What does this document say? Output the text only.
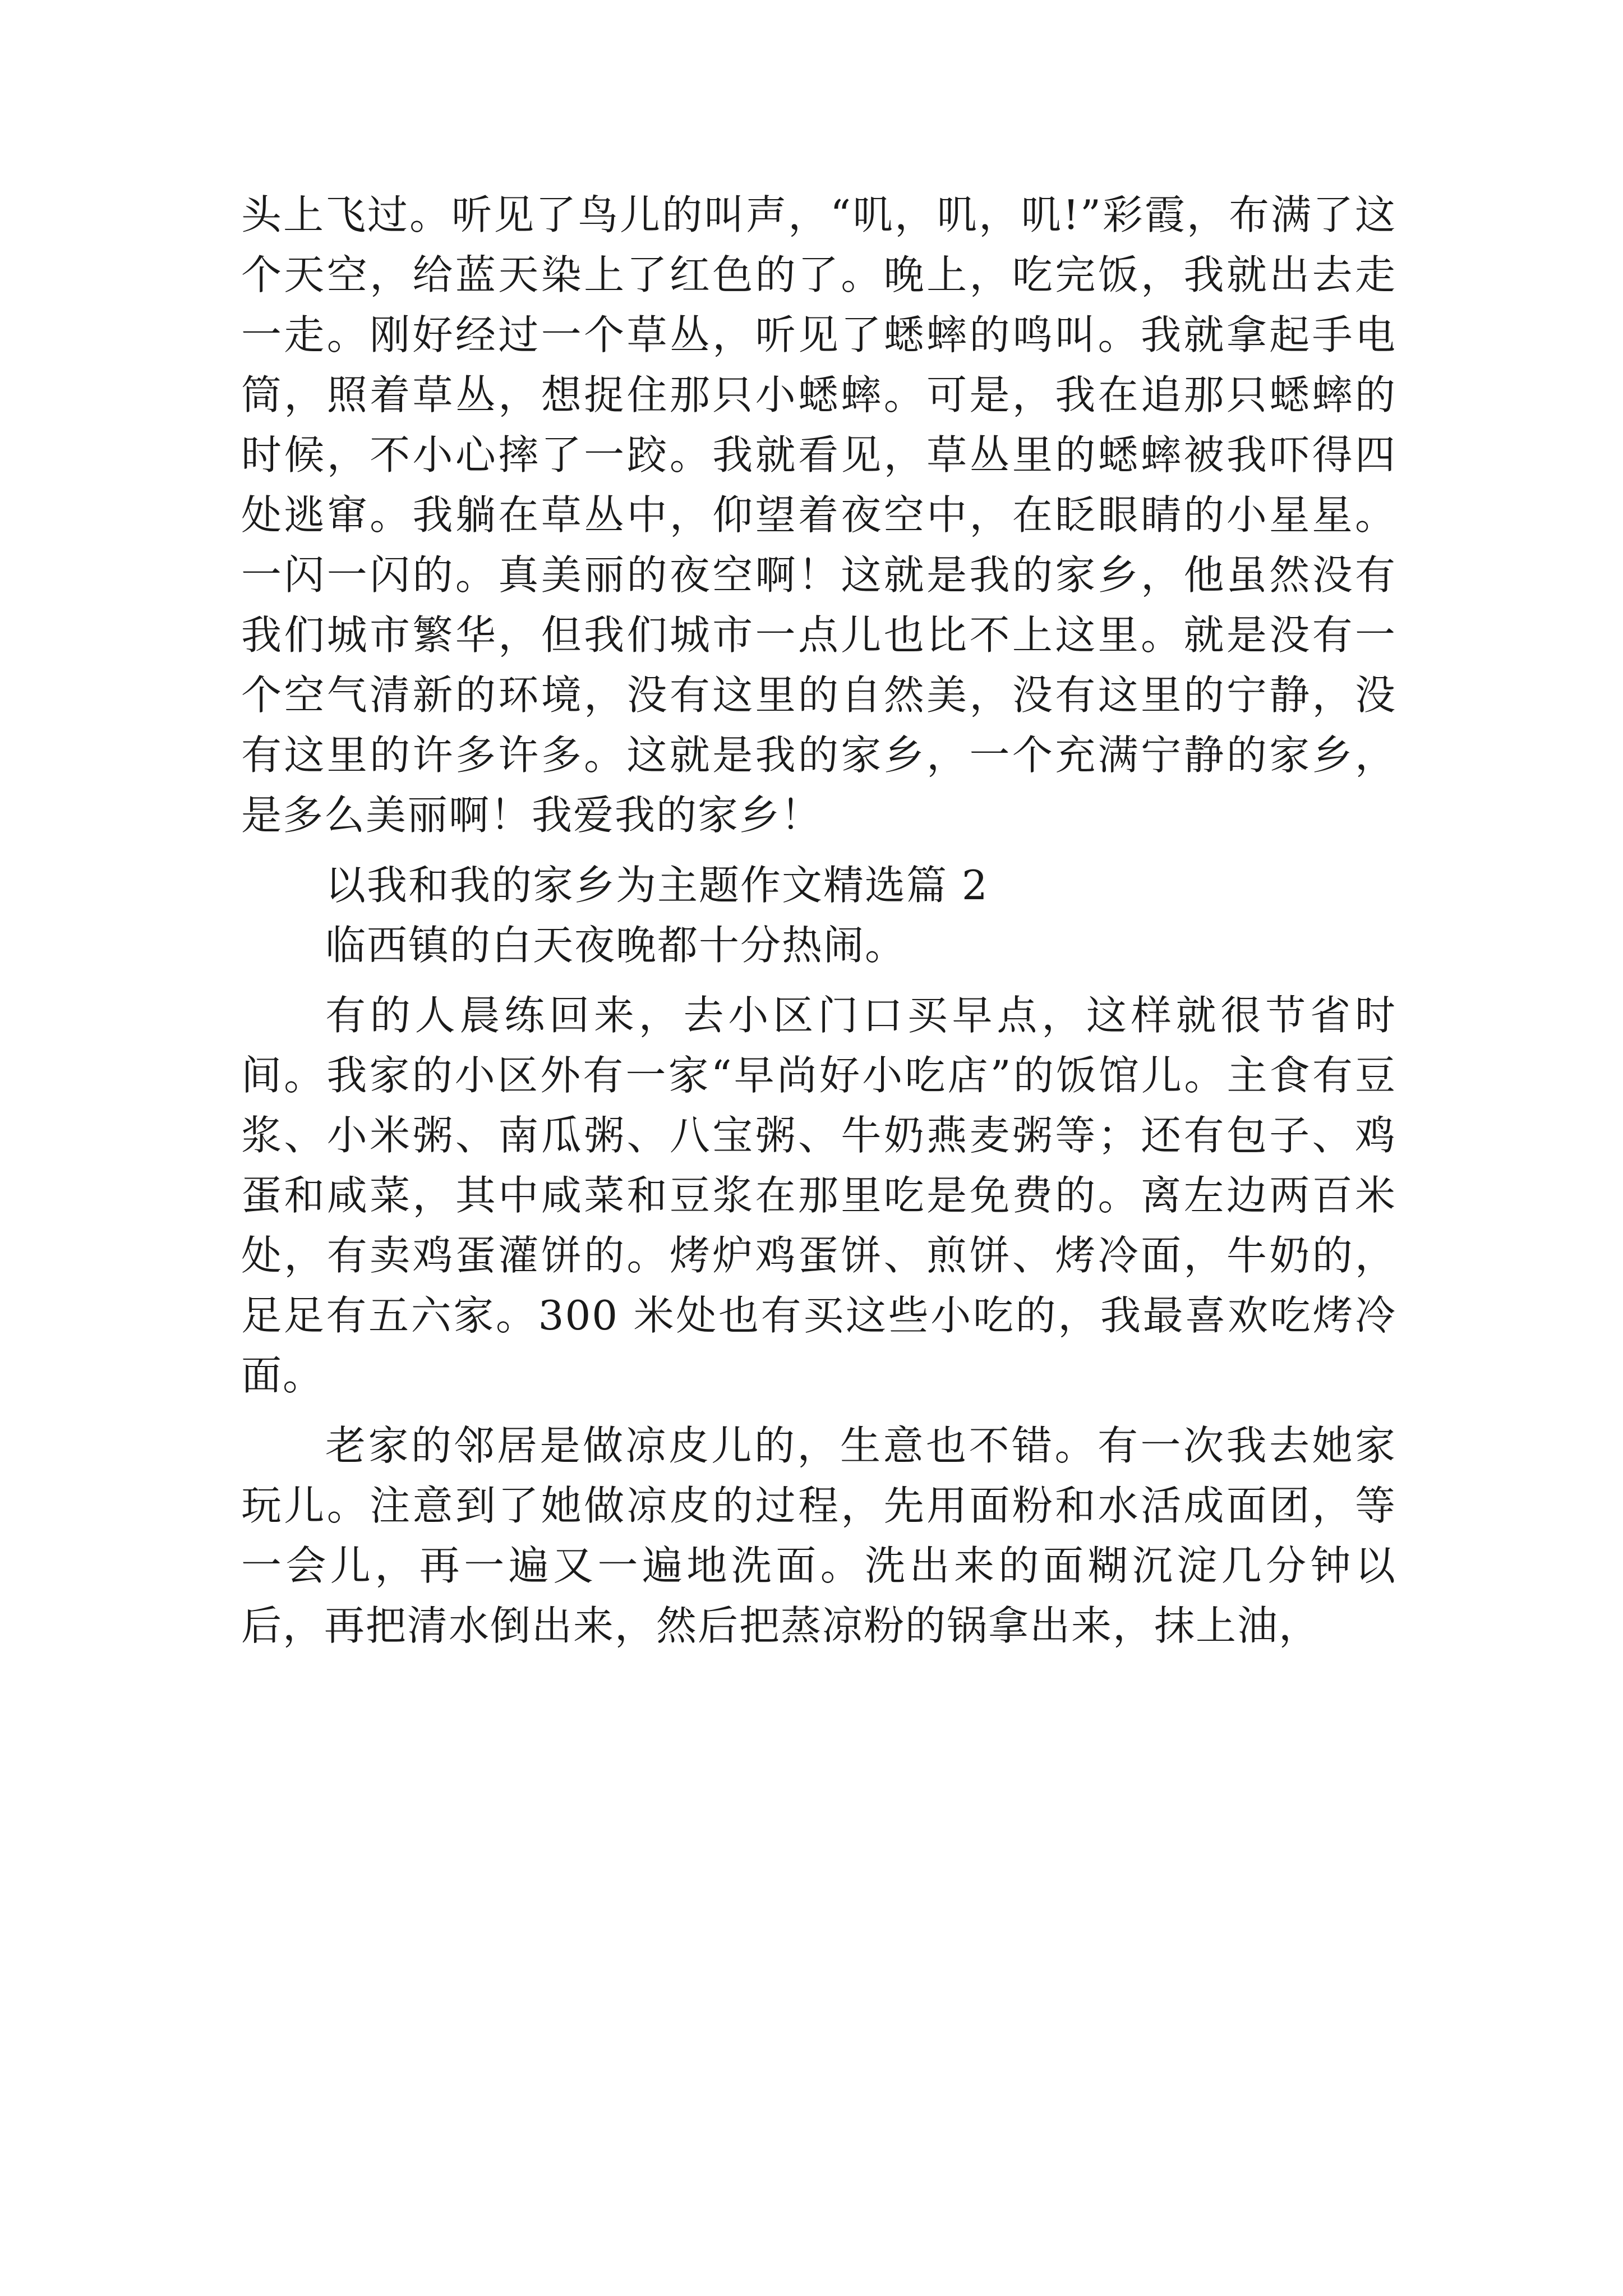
头上飞过。听见了鸟儿的叫声，“叽，叽，叽!”彩霞，布满了这个天空，给蓝天染上了红色的了。晚上，吃完饭，我就出去走一走。刚好经过一个草丛，听见了蟋蟀的鸣叫。我就拿起手电筒，照着草丛，想捉住那只小蟋蟀。可是，我在追那只蟋蟀的时候，不小心摔了一跤。我就看见，草丛里的蟋蟀被我吓得四处逃窜。我躺在草丛中，仰望着夜空中，在眨眼睛的小星星。一闪一闪的。真美丽的夜空啊！这就是我的家乡，他虽然没有我们城市繁华，但我们城市一点儿也比不上这里。就是没有一个空气清新的环境，没有这里的自然美，没有这里的宁静，没有这里的许多许多。这就是我的家乡，一个充满宁静的家乡，是多么美丽啊！我爱我的家乡！

以我和我的家乡为主题作文精选篇 2

临西镇的白天夜晚都十分热闹。

有的人晨练回来，去小区门口买早点，这样就很节省时间。我家的小区外有一家“早尚好小吃店”的饭馆儿。主食有豆浆、小米粥、南瓜粥、八宝粥、牛奶燕麦粥等；还有包子、鸡蛋和咸菜，其中咸菜和豆浆在那里吃是免费的。离左边两百米处，有卖鸡蛋灌饼的。烤炉鸡蛋饼、煎饼、烤冷面，牛奶的，足足有五六家。300 米处也有买这些小吃的，我最喜欢吃烤冷面。

老家的邻居是做凉皮儿的，生意也不错。有一次我去她家玩儿。注意到了她做凉皮的过程，先用面粉和水活成面团，等一会儿，再一遍又一遍地洗面。洗出来的面糊沉淀几分钟以后，再把清水倒出来，然后把蒸凉粉的锅拿出来，抹上油，
